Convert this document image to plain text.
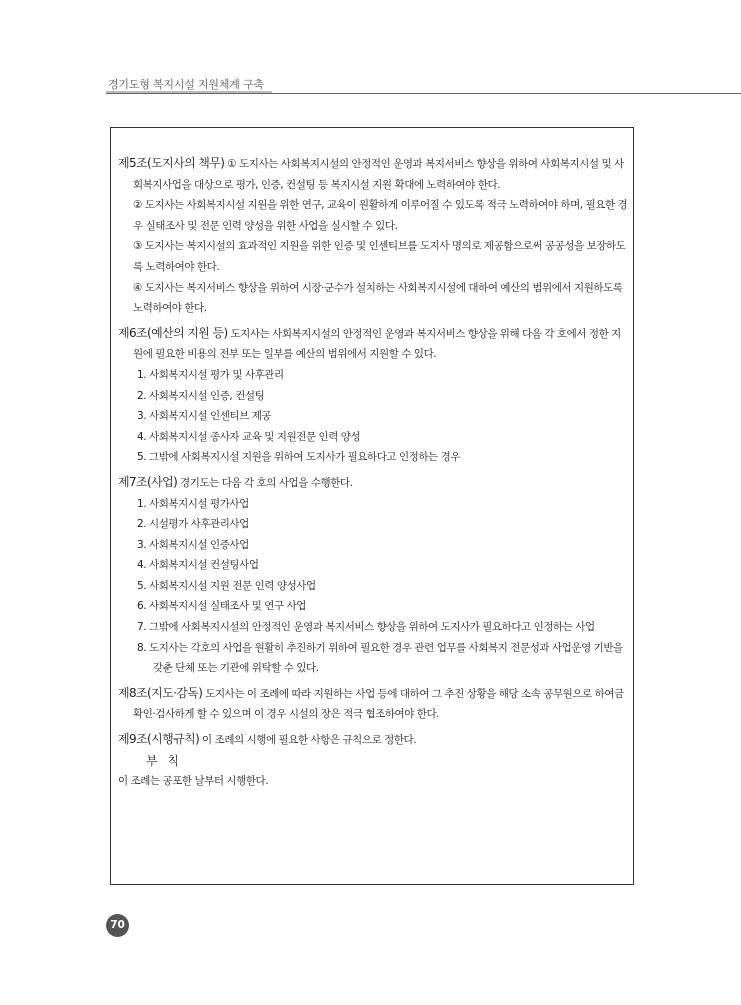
경기도형 복지시설 지원체계 구축

제5조(도지사의 책무) ① 도지사는 사회복지시설의 안정적인 운영과 복지서비스 향상을 위하여 사회복지시설 및 사회복지사업을 대상으로 평가, 인증, 컨설팅 등 복지시설 지원 확대에 노력하여야 한다.

② 도지사는 사회복지시설 지원을 위한 연구, 교육이 원활하게 이루어질 수 있도록 적극 노력하여야 하며, 필요한 경우 실태조사 및 전문 인력 양성을 위한 사업을 실시할 수 있다.

③ 도지사는 복지시설의 효과적인 지원을 위한 인증 및 인센티브를 도지사 명의로 제공함으로써 공공성을 보장하도록 노력하여야 한다.

④ 도지사는 복지서비스 향상을 위하여 시장·군수가 설치하는 사회복지시설에 대하여 예산의 범위에서 지원하도록 노력하여야 한다.

제6조(예산의 지원 등) 도지사는 사회복지시설의 안정적인 운영과 복지서비스 향상을 위해 다음 각 호에서 정한 지원에 필요한 비용의 전부 또는 일부를 예산의 범위에서 지원할 수 있다.

1. 사회복지시설 평가 및 사후관리

2. 사회복지시설 인증, 컨설팅

3. 사회복지시설 인센티브 제공

4. 사회복지시설 종사자 교육 및 지원전문 인력 양성

5. 그밖에 사회복지시설 지원을 위하여 도지사가 필요하다고 인정하는 경우

제7조(사업) 경기도는 다음 각 호의 사업을 수행한다.

1. 사회복지시설 평가사업

2. 시설평가 사후관리사업

3. 사회복지시설 인증사업

4. 사회복지시설 컨설팅사업

5. 사회복지시설 지원 전문 인력 양성사업

6. 사회복지시설 실태조사 및 연구 사업

7. 그밖에 사회복지시설의 안정적인 운영과 복지서비스 향상을 위하여 도지사가 필요하다고 인정하는 사업

8. 도지사는 각호의 사업을 원활히 추진하기 위하여 필요한 경우 관련 업무를 사회복지 전문성과 사업운영 기반을 갖춘 단체 또는 기관에 위탁할 수 있다.

제8조(지도·감독) 도지사는 이 조례에 따라 지원하는 사업 등에 대하여 그 추진 상황을 해당 소속 공무원으로 하여금 확인·검사하게 할 수 있으며 이 경우 시설의 장은 적극 협조하여야 한다.

제9조(시행규칙) 이 조례의 시행에 필요한 사항은 규칙으로 정한다.

부 칙

이 조례는 공포한 날부터 시행한다.

70
